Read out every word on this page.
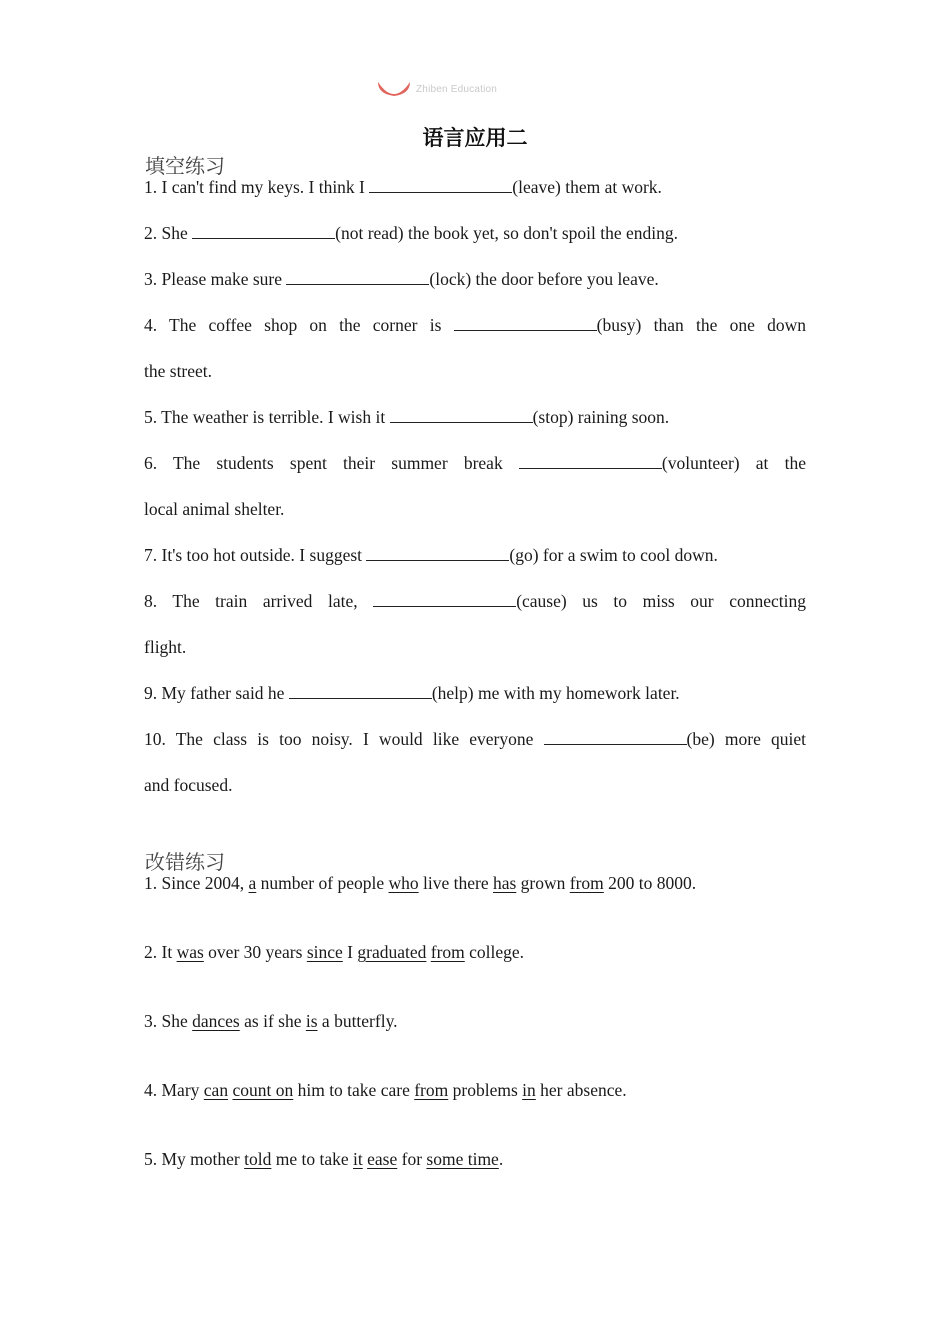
Zhiben Education
语言应用二
填空练习
1. I can't find my keys. I think I	(leave) them at work.
2. She	(not read) the book yet, so don't spoil the ending.
3. Please make sure	(lock) the door before you leave.
4. The coffee shop on the corner is	(busy) than the one down
the street.
5. The weather is terrible. I wish it	(stop) raining soon.
6. The students spent their summer break	(volunteer) at the
local animal shelter.
7. It's too hot outside. I suggest	(go) for a swim to cool down.
8. The train arrived late,	(cause) us to miss our connecting
flight.
9. My father said he	(help) me with my homework later.
10. The class is too noisy. I would like everyone	(be) more quiet
and focused.
改错练习
1. Since 2004, a number of people who live there has grown from 200 to 8000.
2. It was over 30 years since I graduated from college.
3. She dances as if she is a butterfly.
4. Mary can count on him to take care from problems in her absence.
5. My mother told me to take it ease for some time.
